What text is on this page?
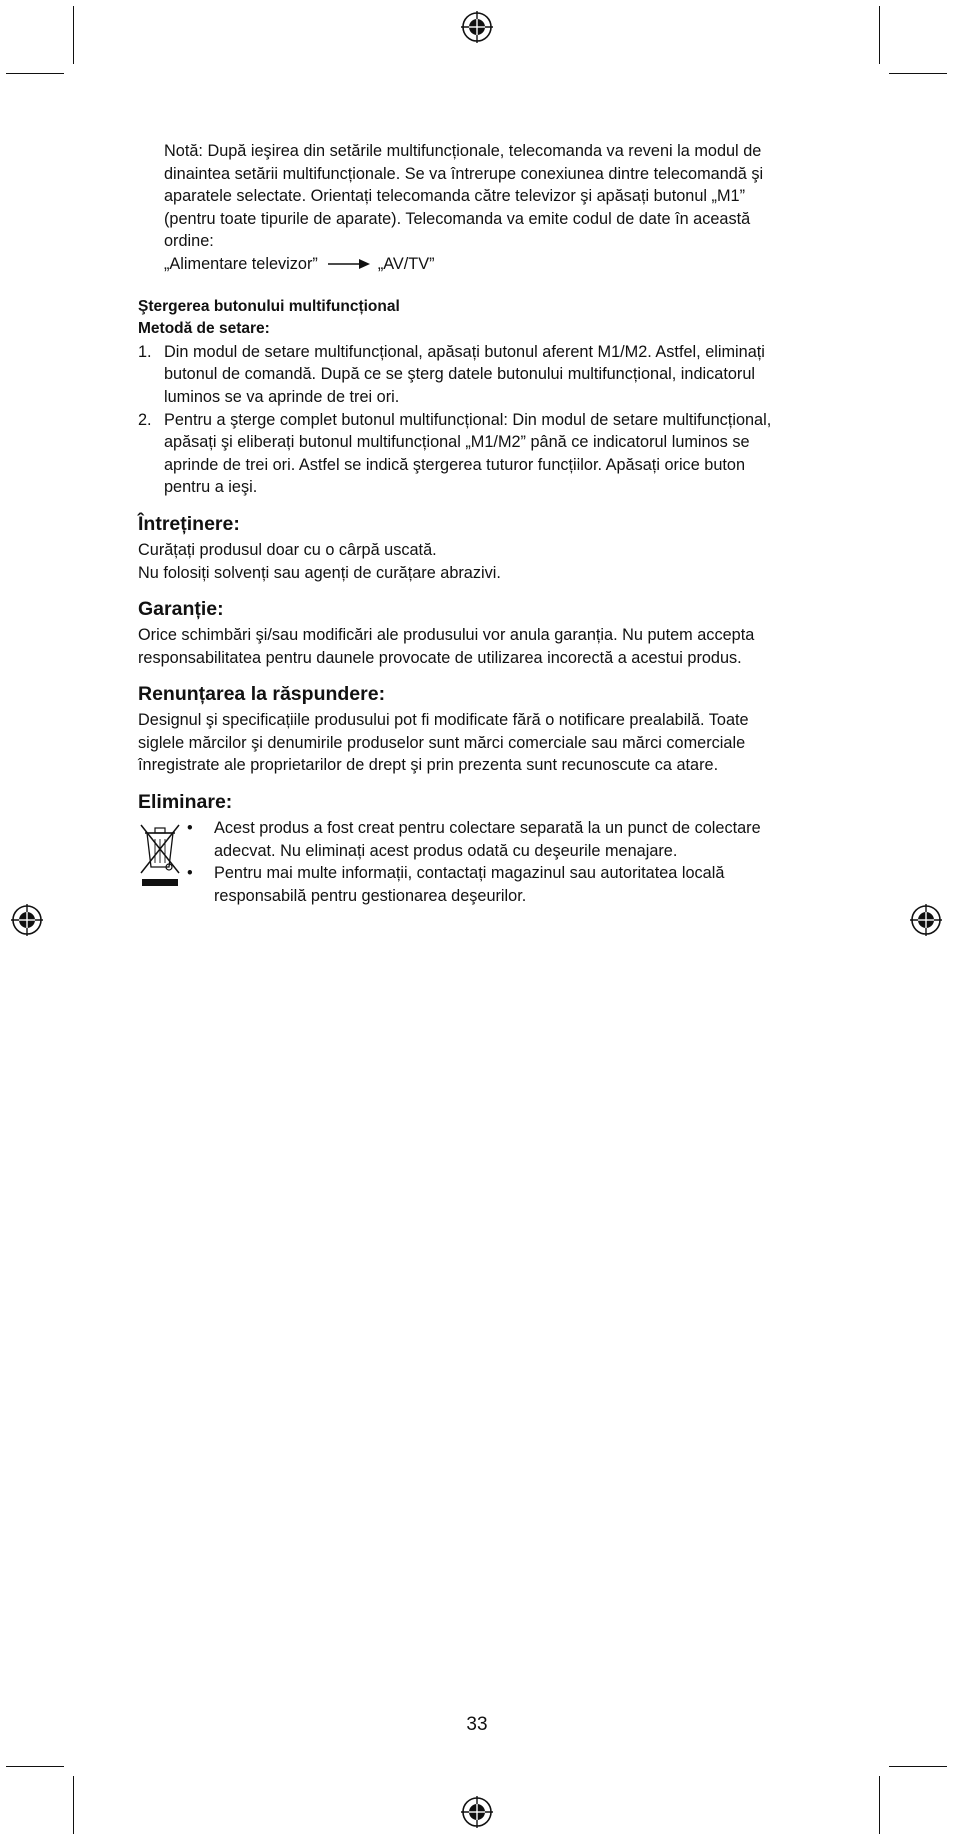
Notă: După ieşirea din setările multifuncționale, telecomanda va reveni la modul de
dinaintea setării multifuncționale. Se va întrerupe conexiunea dintre telecomandă şi
aparatele selectate. Orientați telecomanda către televizor şi apăsați butonul „M1”
(pentru toate tipurile de aparate). Telecomanda va emite codul de date în această
ordine:
„Alimentare televizor”	„AV/TV”
Ştergerea butonului multifuncțional
Metodă de setare:
1. Din modul de setare multifuncțional, apăsați butonul aferent M1/M2. Astfel, eliminați
butonul de comandă. După ce se şterg datele butonului multifuncțional, indicatorul
luminos se va aprinde de trei ori.
2. Pentru a şterge complet butonul multifuncțional: Din modul de setare multifuncțional,
apăsați şi eliberați butonul multifuncțional „M1/M2” până ce indicatorul luminos se
aprinde de trei ori. Astfel se indică ştergerea tuturor funcțiilor. Apăsați orice buton
pentru a ieşi.
Întreținere:

Curățați produsul doar cu o cârpă uscată.

Nu folosiți solvenți sau agenți de curățare abrazivi.

Garanție:

Orice schimbări şi/sau modificări ale produsului vor anula garanția. Nu putem accepta

responsabilitatea pentru daunele provocate de utilizarea incorectă a acestui produs.

Renunțarea la răspundere:

Designul şi specificațiile produsului pot fi modificate fără o notificare prealabilă. Toate

siglele mărcilor şi denumirile produselor sunt mărci comerciale sau mărci comerciale

înregistrate ale proprietarilor de drept şi prin prezenta sunt recunoscute ca atare.

Eliminare:
• Acest produs a fost creat pentru colectare separată la un punct de colectare
adecvat. Nu eliminați acest produs odată cu deşeurile menajare.
• Pentru mai multe informații, contactați magazinul sau autoritatea locală
responsabilă pentru gestionarea deşeurilor.
33
